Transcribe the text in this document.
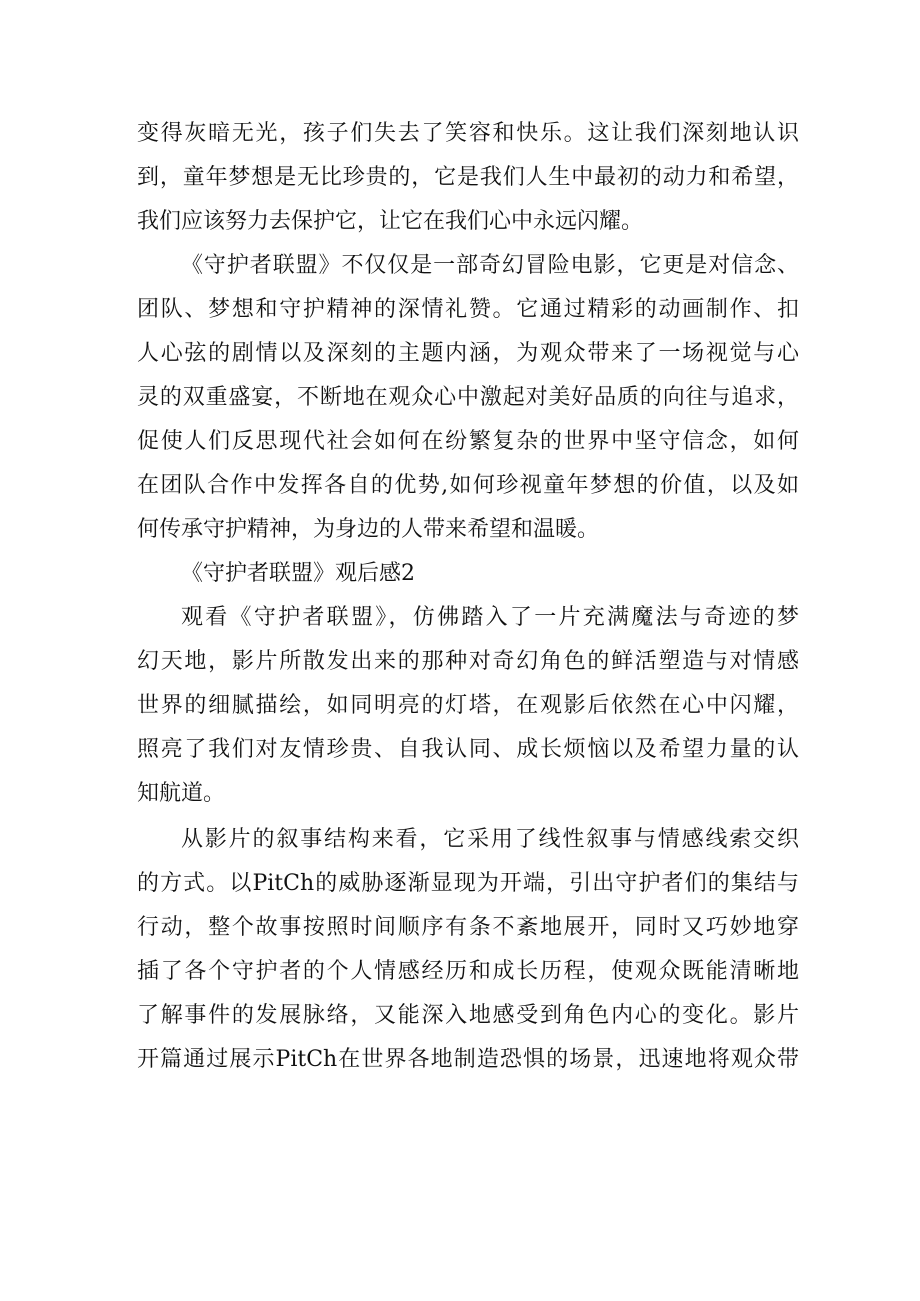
变得灰暗无光，孩子们失去了笑容和快乐。这让我们深刻地认识
到，童年梦想是无比珍贵的，它是我们人生中最初的动力和希望，
我们应该努力去保护它，让它在我们心中永远闪耀。
《守护者联盟》不仅仅是一部奇幻冒险电影，它更是对信念、
团队、梦想和守护精神的深情礼赞。它通过精彩的动画制作、扣
人心弦的剧情以及深刻的主题内涵，为观众带来了一场视觉与心
灵的双重盛宴，不断地在观众心中激起对美好品质的向往与追求，
促使人们反思现代社会如何在纷繁复杂的世界中坚守信念，如何
在团队合作中发挥各自的优势,如何珍视童年梦想的价值，以及如
何传承守护精神，为身边的人带来希望和温暖。
《守护者联盟》观后感2
观看《守护者联盟》，仿佛踏入了一片充满魔法与奇迹的梦
幻天地，影片所散发出来的那种对奇幻角色的鲜活塑造与对情感
世界的细腻描绘，如同明亮的灯塔，在观影后依然在心中闪耀，
照亮了我们对友情珍贵、自我认同、成长烦恼以及希望力量的认
知航道。
从影片的叙事结构来看，它采用了线性叙事与情感线索交织
的方式。以PitCh的威胁逐渐显现为开端，引出守护者们的集结与
行动，整个故事按照时间顺序有条不紊地展开，同时又巧妙地穿
插了各个守护者的个人情感经历和成长历程，使观众既能清晰地
了解事件的发展脉络，又能深入地感受到角色内心的变化。影片
开篇通过展示PitCh在世界各地制造恐惧的场景，迅速地将观众带
